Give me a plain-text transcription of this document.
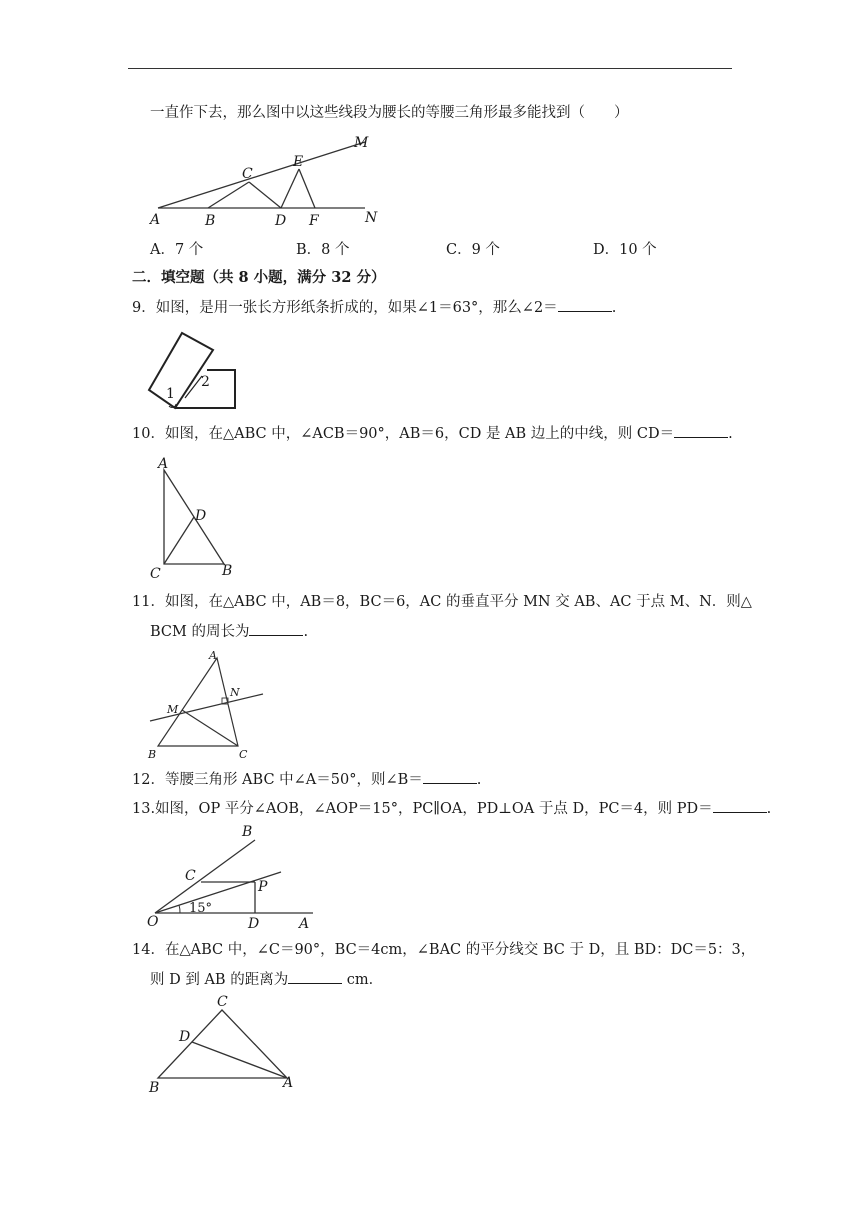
一直作下去，那么图中以这些线段为腰长的等腰三角形最多能找到（　　）
A	B
C
D
E
F
M
N
A．7 个	B．8 个	C．9 个	D．10 个
二．填空题（共 8 小题，满分 32 分）
9．如图，是用一张长方形纸条折成的，如果∠1＝63°，那么∠2＝	.
1
2
10．如图，在△ABC 中，∠ACB＝90°，AB＝6，CD 是 AB 边上的中线，则 CD＝	.
A
D
C	B
11．如图，在△ABC 中，AB＝8，BC＝6，AC 的垂直平分 MN 交 AB、AC 于点 M、N．则△
BCM 的周长为	.
A
N
M
B	C
12．等腰三角形 ABC 中∠A＝50°，则∠B＝	.
13.如图，OP 平分∠AOB，∠AOP＝15°，PC∥OA，PD⊥OA 于点 D，PC＝4，则 PD＝	.
B
C
P
O
15°
D	A
14．在△ABC 中，∠C＝90°，BC＝4cm，∠BAC 的平分线交 BC 于 D，且 BD：DC＝5：3，
则 D 到 AB 的距离为	cm．
C
D
B	A
